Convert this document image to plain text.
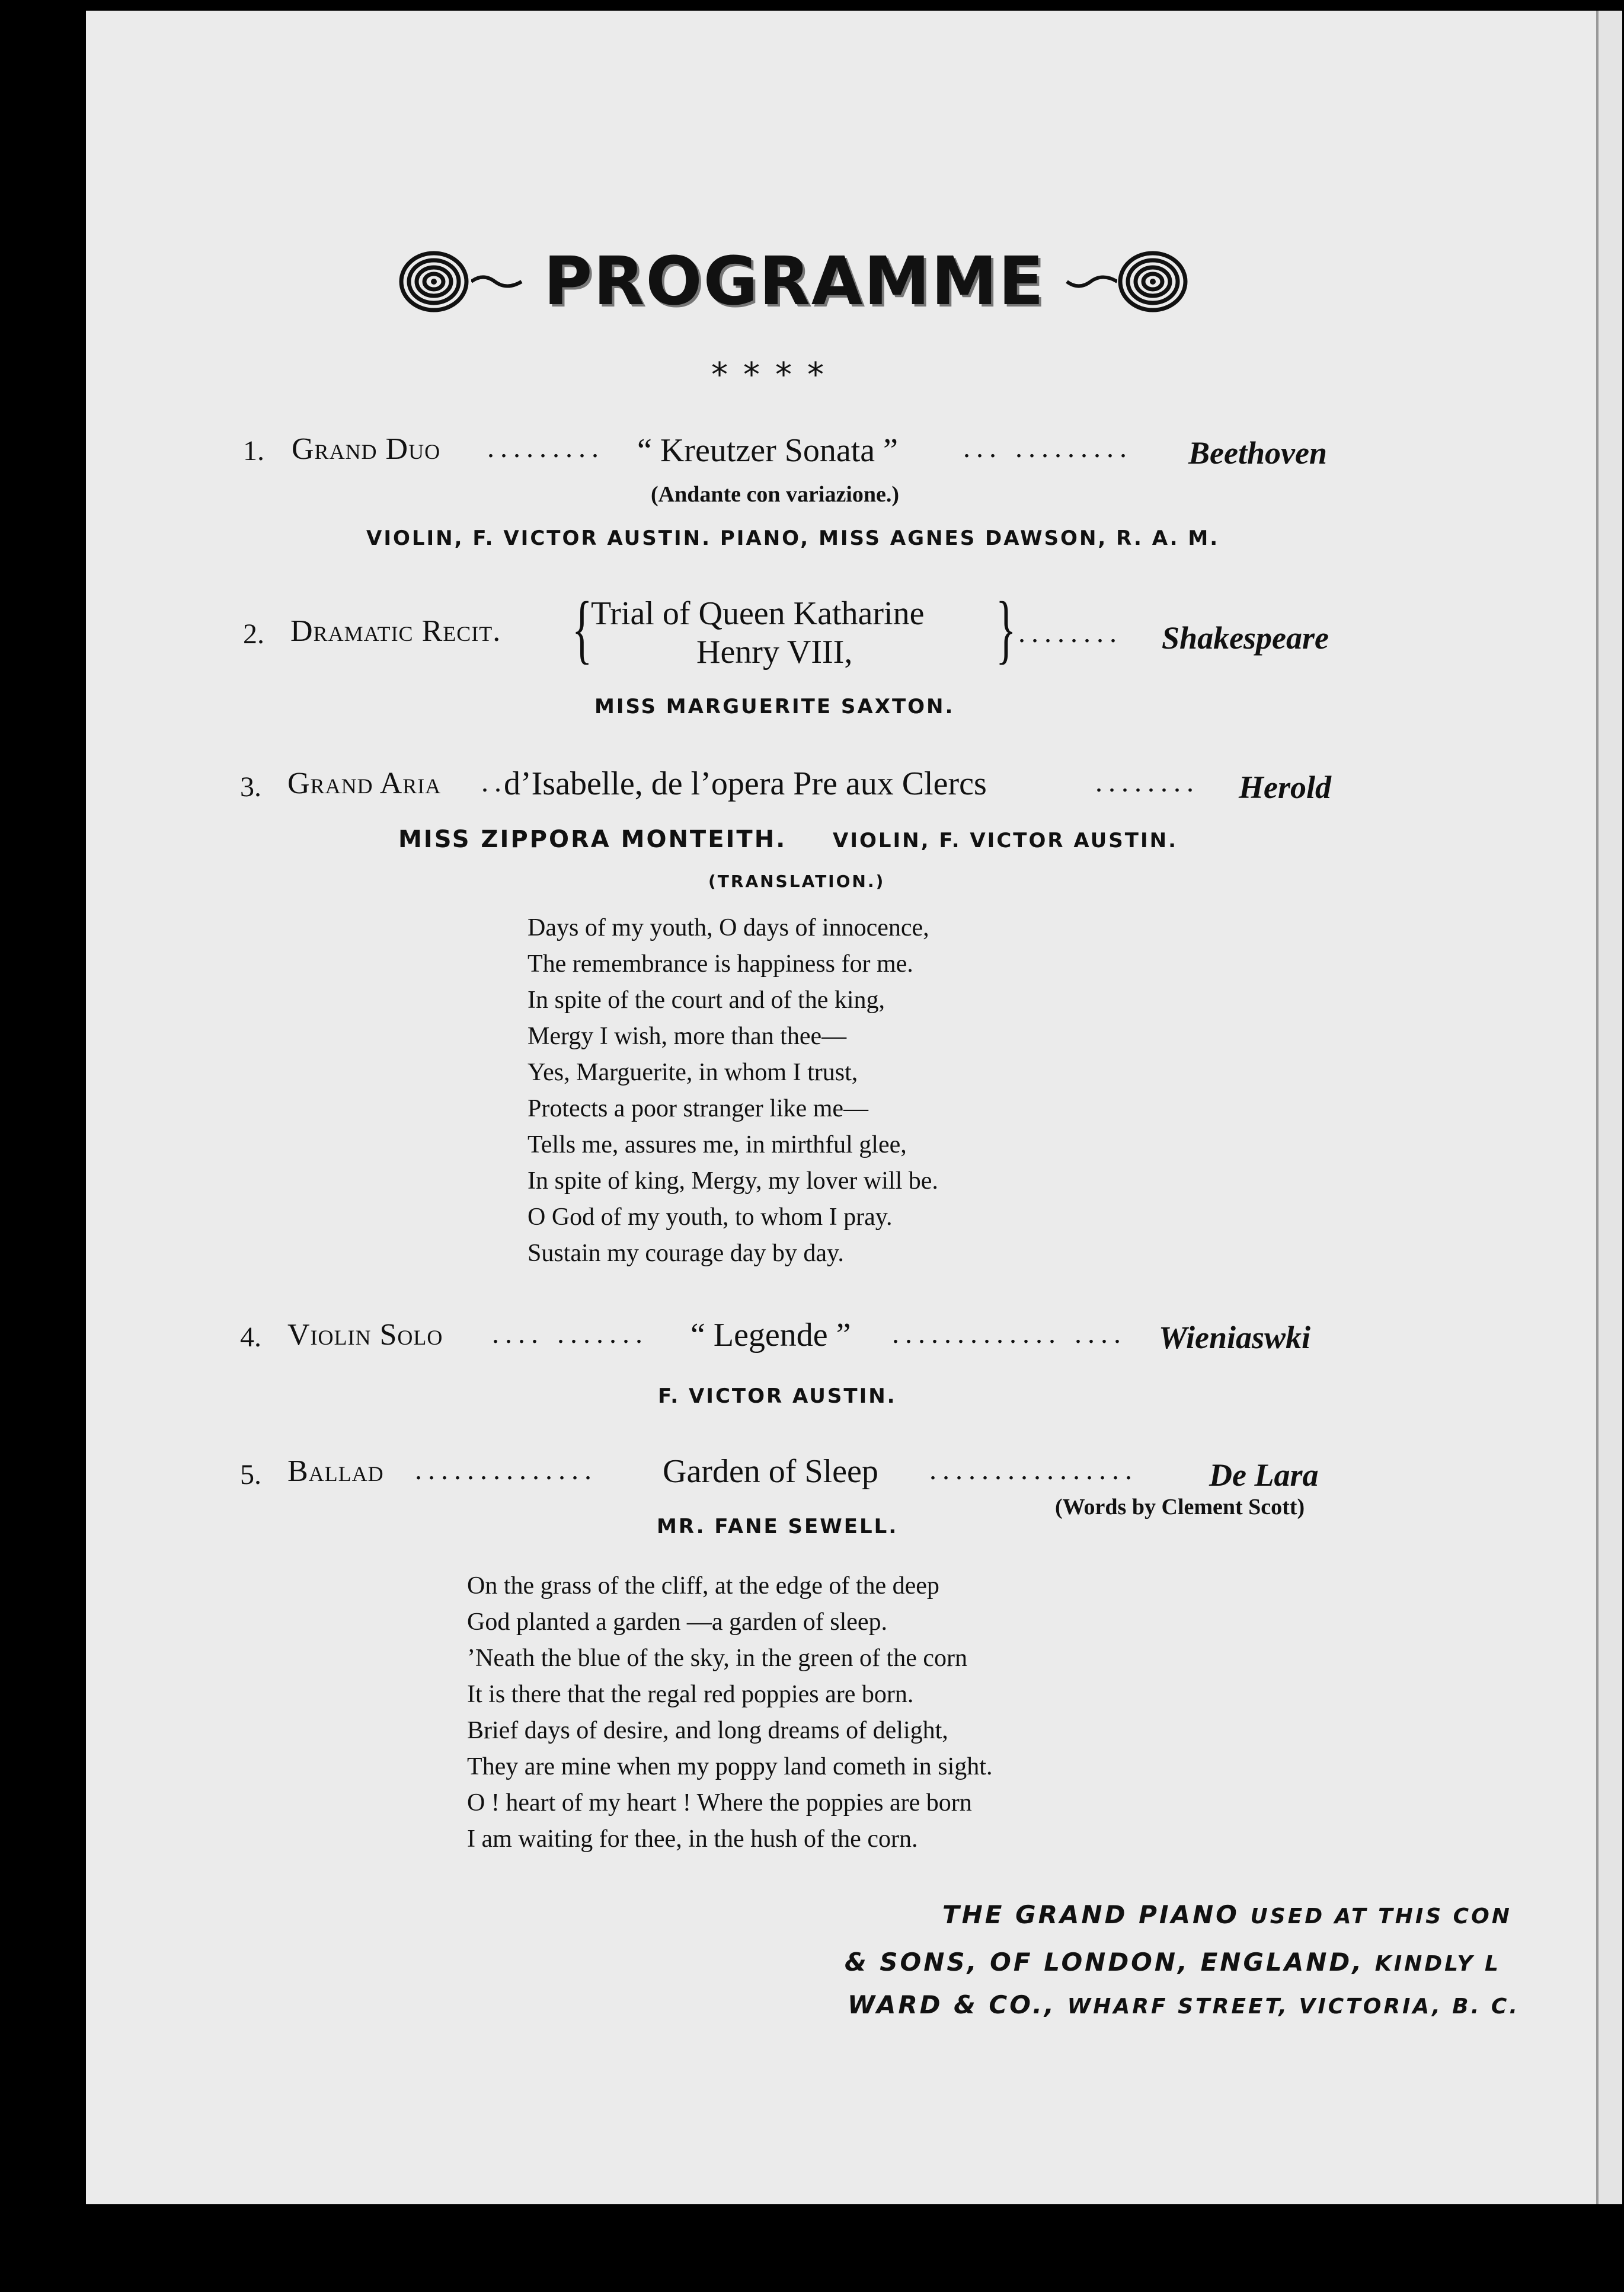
PROGRAMME
****
1. Grand Duo ......... “ Kreutzer Sonata ” ... ......... Beethoven
(Andante con variazione.)
VIOLIN, F. VICTOR AUSTIN. PIANO, MISS AGNES DAWSON, R. A. M.
2. Dramatic Recit. {
Trial of Queen Katharine
Henry VIII, } ........ Shakespeare
MISS MARGUERITE SAXTON.
3. Grand Aria ..
d’Isabelle, de l’opera Pre aux Clercs	........ Herold
MISS ZIPPORA MONTEITH. VIOLIN, F. VICTOR AUSTIN.
(TRANSLATION.)
Days of my youth, O days of innocence,
The remembrance is happiness for me.
In spite of the court and of the king,
Mergy I wish, more than thee—
Yes, Marguerite, in whom I trust,
Protects a poor stranger like me—
Tells me, assures me, in mirthful glee,
In spite of king, Mergy, my lover will be.
O God of my youth, to whom I pray.
Sustain my courage day by day.
4. Violin Solo .... ....... “ Legende ” ............. .... Wieniaswki
F. VICTOR AUSTIN.
5. Ballad .............. Garden of Sleep ................ De Lara
(Words by Clement Scott)
MR. FANE SEWELL.
On the grass of the cliff, at the edge of the deep
God planted a garden —a garden of sleep.
’Neath the blue of the sky, in the green of the corn
It is there that the regal red poppies are born.
Brief days of desire, and long dreams of delight,
They are mine when my poppy land cometh in sight.
O ! heart of my heart ! Where the poppies are born
I am waiting for thee, in the hush of the corn.
THE GRAND PIANO USED AT THIS CON
& SONS, OF LONDON, ENGLAND, KINDLY L
WARD & CO., WHARF STREET, VICTORIA, B. C.
